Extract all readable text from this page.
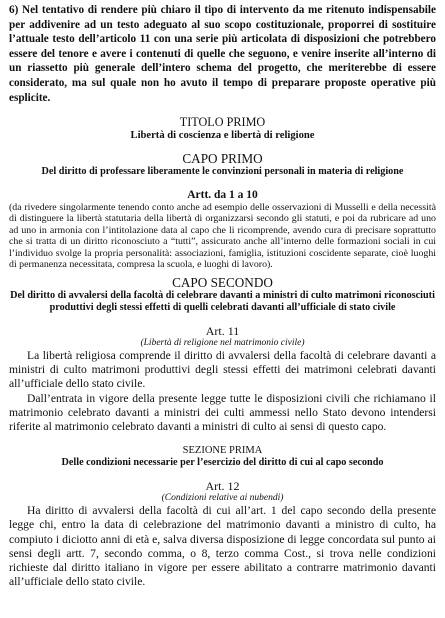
6) Nel tentativo di rendere più chiaro il tipo di intervento da me ritenuto indispensabile per addivenire ad un testo adeguato al suo scopo costituzionale, proporrei di sostituire l’attuale testo dell’articolo 11 con una serie più articolata di disposizioni che potrebbero essere del tenore e avere i contenuti di quelle che seguono, e venire inserite all’interno di un riassetto più generale dell’intero schema del progetto, che meriterebbe di essere considerato, ma sul quale non ho avuto il tempo di preparare proposte operative più esplicite.

TITOLO PRIMO
Libertà di coscienza e libertà di religione
CAPO PRIMO
Del diritto di professare liberamente le convinzioni personali in materia di religione
Artt. da 1 a 10

(da rivedere singolarmente tenendo conto anche ad esempio delle osservazioni di Musselli e della necessità di distinguere la libertà statutaria della libertà di organizzarsi secondo gli statuti, e poi da rubricare ad uno ad uno in armonia con l’intitolazione data al capo che li ricomprende, avendo cura di precisare soprattutto che si tratta di un diritto riconosciuto a “tutti”, assicurato anche all’interno delle formazioni sociali in cui l’individuo svolge la propria personalità: associazioni, famiglia, istituzioni coscidente separate, cioè luoghi di permanenza necessitata, compresa la scuola, e luoghi di lavoro).

CAPO SECONDO
Del diritto di avvalersi della facoltà di celebrare davanti a ministri di culto matrimoni riconosciuti produttivi degli stessi effetti di quelli celebrati davanti all’ufficiale di stato civile
Art. 11
(Libertà di religione nel matrimonio civile)

La libertà religiosa comprende il diritto di avvalersi della facoltà di celebrare davanti a ministri di culto matrimoni produttivi degli stessi effetti dei matrimoni celebrati davanti all’ufficiale dello stato civile.

Dall’entrata in vigore della presente legge tutte le disposizioni civili che richiamano il matrimonio celebrato davanti a ministri dei culti ammessi nello Stato devono intendersi riferite al matrimonio celebrato davanti a ministri di culto ai sensi di questo capo.

SEZIONE PRIMA
Delle condizioni necessarie per l’esercizio del diritto di cui al capo secondo
Art. 12
(Condizioni relative ai nubendi)

Ha diritto di avvalersi della facoltà di cui all’art. 1 del capo secondo della presente legge chi, entro la data di celebrazione del matrimonio davanti a ministro di culto, ha compiuto i diciotto anni di età e, salva diversa disposizione di legge concordata sul punto ai sensi degli artt. 7, secondo comma, o 8, terzo comma Cost., si trova nelle condizioni richieste dal diritto italiano in vigore per essere abilitato a contrarre matrimonio davanti all’ufficiale dello stato civile.
